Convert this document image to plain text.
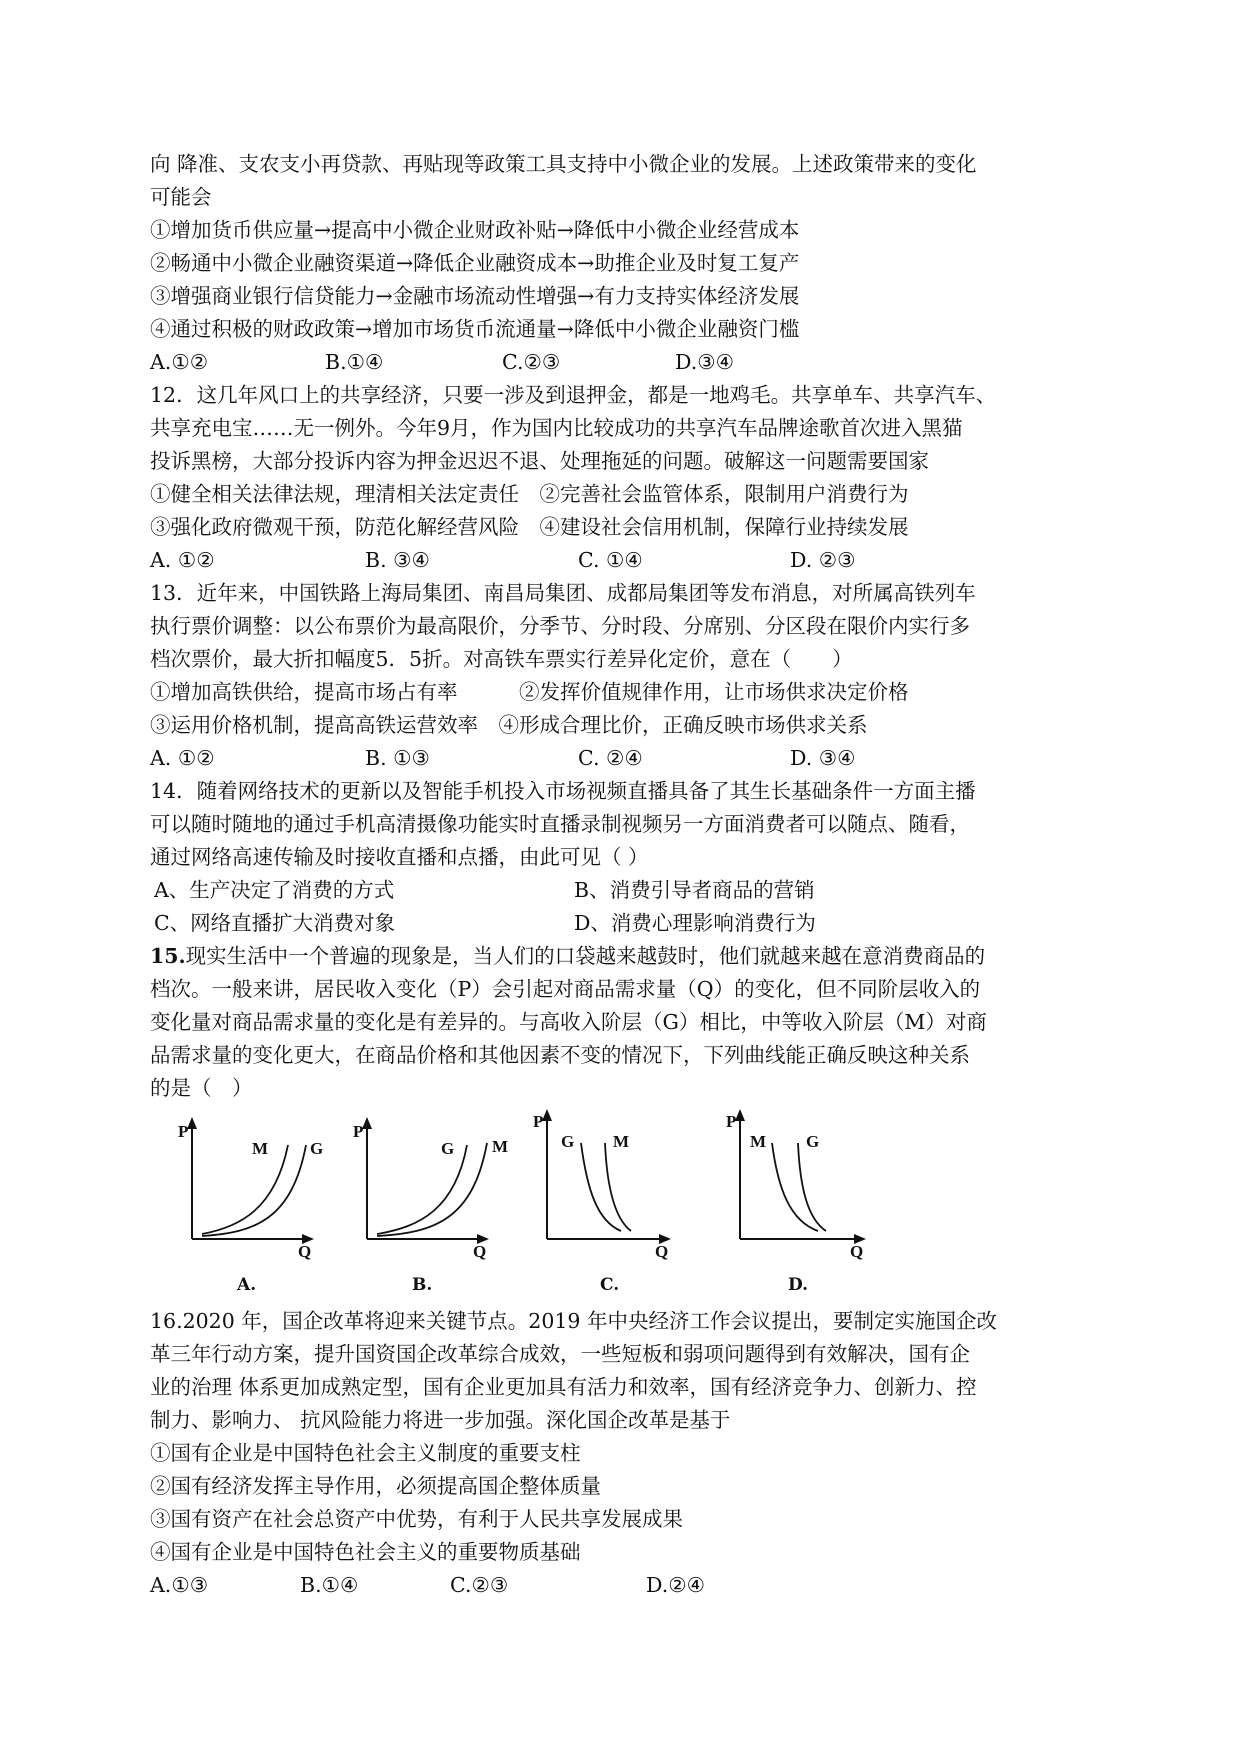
向 降准、支农支小再贷款、再贴现等政策工具支持中小微企业的发展。上述政策带来的变化
可能会
①增加货币供应量→提高中小微企业财政补贴→降低中小微企业经营成本
②畅通中小微企业融资渠道→降低企业融资成本→助推企业及时复工复产
③增强商业银行信贷能力→金融市场流动性增强→有力支持实体经济发展
④通过积极的财政政策→增加市场货币流通量→降低中小微企业融资门槛
A.①②	B.①④	C.②③	D.③④
12．这几年风口上的共享经济，只要一涉及到退押金，都是一地鸡毛。共享单车、共享汽车、
共享充电宝……无一例外。今年9月，作为国内比较成功的共享汽车品牌途歌首次进入黑猫
投诉黑榜，大部分投诉内容为押金迟迟不退、处理拖延的问题。破解这一问题需要国家
①健全相关法律法规，理清相关法定责任　②完善社会监管体系，限制用户消费行为
③强化政府微观干预，防范化解经营风险　④建设社会信用机制，保障行业持续发展
A. ①②	B. ③④	C. ①④	D. ②③
13．近年来，中国铁路上海局集团、南昌局集团、成都局集团等发布消息，对所属高铁列车
执行票价调整：以公布票价为最高限价，分季节、分时段、分席别、分区段在限价内实行多
档次票价，最大折扣幅度5．5折。对高铁车票实行差异化定价，意在（　　）
①增加高铁供给，提高市场占有率　　　②发挥价值规律作用，让市场供求决定价格
③运用价格机制，提高高铁运营效率　④形成合理比价，正确反映市场供求关系
A. ①②	B. ①③	C. ②④	D. ③④
14．随着网络技术的更新以及智能手机投入市场视频直播具备了其生长基础条件一方面主播
可以随时随地的通过手机高清摄像功能实时直播录制视频另一方面消费者可以随点、随看，
通过网络高速传输及时接收直播和点播，由此可见（ ）
A、生产决定了消费的方式	B、消费引导者商品的营销
C、网络直播扩大消费对象	D、消费心理影响消费行为
15.现实生活中一个普遍的现象是，当人们的口袋越来越鼓时，他们就越来越在意消费商品的
档次。一般来讲，居民收入变化（P）会引起对商品需求量（Q）的变化，但不同阶层收入的
变化量对商品需求量的变化是有差异的。与高收入阶层（G）相比，中等收入阶层（M）对商
品需求量的变化更大，在商品价格和其他因素不变的情况下，下列曲线能正确反映这种关系
的是（　）
P
Q
M G
A.
P
Q
G M
B.
P
Q
G M
C.
P
Q
M G
D.
16.2020 年，国企改革将迎来关键节点。2019 年中央经济工作会议提出，要制定实施国企改
革三年行动方案，提升国资国企改革综合成效，一些短板和弱项问题得到有效解决，国有企
业的治理 体系更加成熟定型，国有企业更加具有活力和效率，国有经济竞争力、创新力、控
制力、影响力、 抗风险能力将进一步加强。深化国企改革是基于
①国有企业是中国特色社会主义制度的重要支柱
②国有经济发挥主导作用，必须提高国企整体质量
③国有资产在社会总资产中优势，有利于人民共享发展成果
④国有企业是中国特色社会主义的重要物质基础
A.①③	B.①④	C.②③	D.②④
